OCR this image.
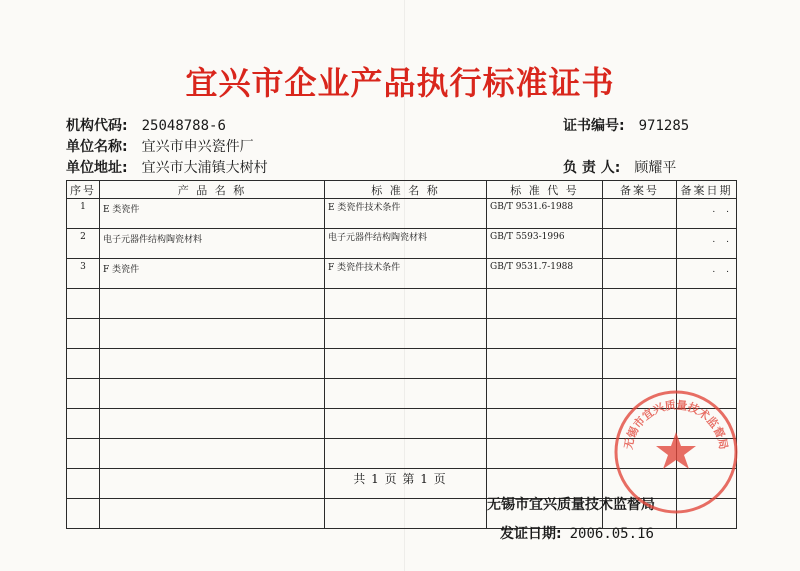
宜兴市企业产品执行标准证书
机构代码: 25048788-6
单位名称: 宜兴市申兴瓷件厂
单位地址: 宜兴市大浦镇大树村
证书编号: 971285
负 责 人: 顾耀平
序号	产 品 名 称	标 准 名 称	标 准 代 号	备案号	备案日期
1	E 类瓷件	E 类瓷件技术条件	GB/T 9531.6-1988		. .
2	电子元器件结构陶瓷材料	电子元器件结构陶瓷材料	GB/T 5593-1996		. .
3	F 类瓷件	F 类瓷件技术条件	GB/T 9531.7-1988		. .

共 1 页 第 1 页
无锡市宜兴质量技术监督局
发证日期: 2006.05.16
无锡市宜兴质量技术监督局
